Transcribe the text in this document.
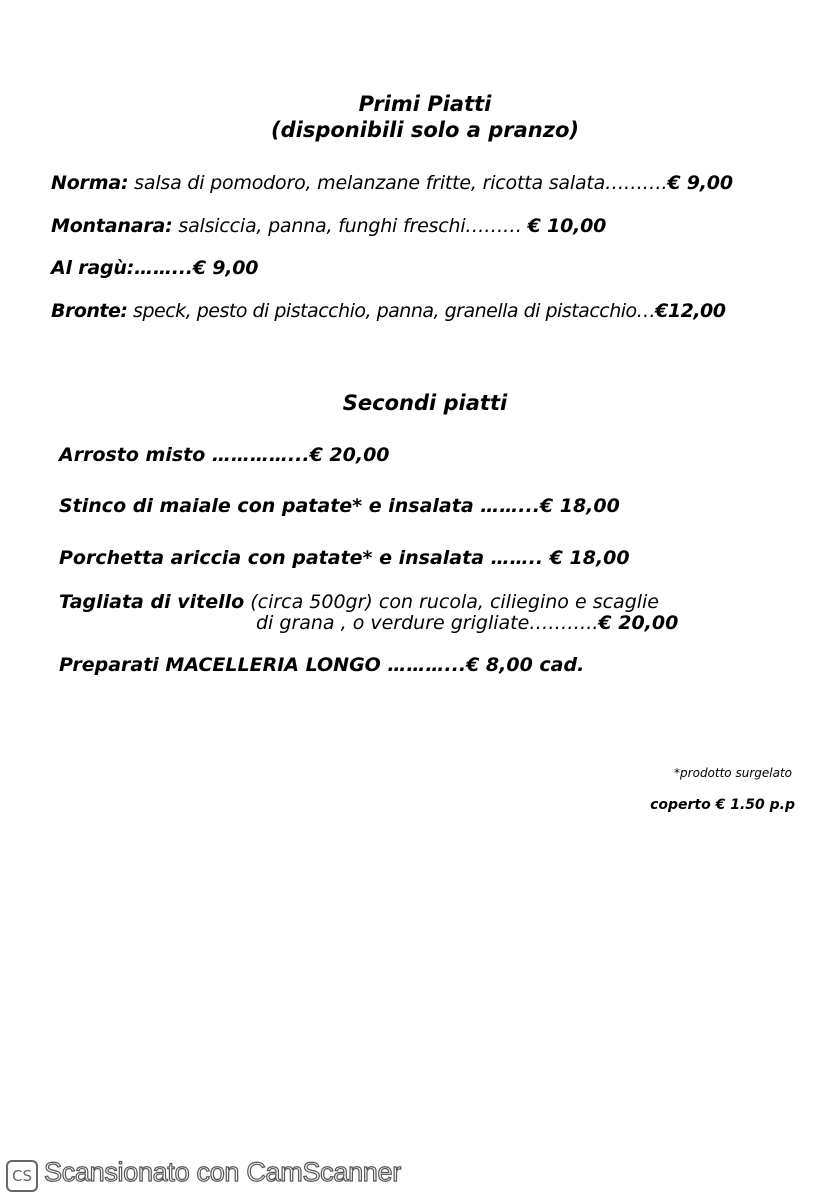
Primi Piatti
(disponibili solo a pranzo)
Norma: salsa di pomodoro, melanzane fritte, ricotta salata……….€ 9,00
Montanara: salsiccia, panna, funghi freschi……… € 10,00
Al ragù:……...€ 9,00
Bronte: speck, pesto di pistacchio, panna, granella di pistacchio…€12,00
Secondi piatti
Arrosto misto …………...€ 20,00
Stinco di maiale con patate* e insalata ……...€ 18,00
Porchetta ariccia con patate* e insalata …….. € 18,00
Tagliata di vitello (circa 500gr) con rucola, ciliegino e scaglie
di grana , o verdure grigliate………..€ 20,00
Preparati MACELLERIA LONGO ………...€ 8,00 cad.
*prodotto surgelato
coperto € 1.50 p.p
CS Scansionato con CamScanner
